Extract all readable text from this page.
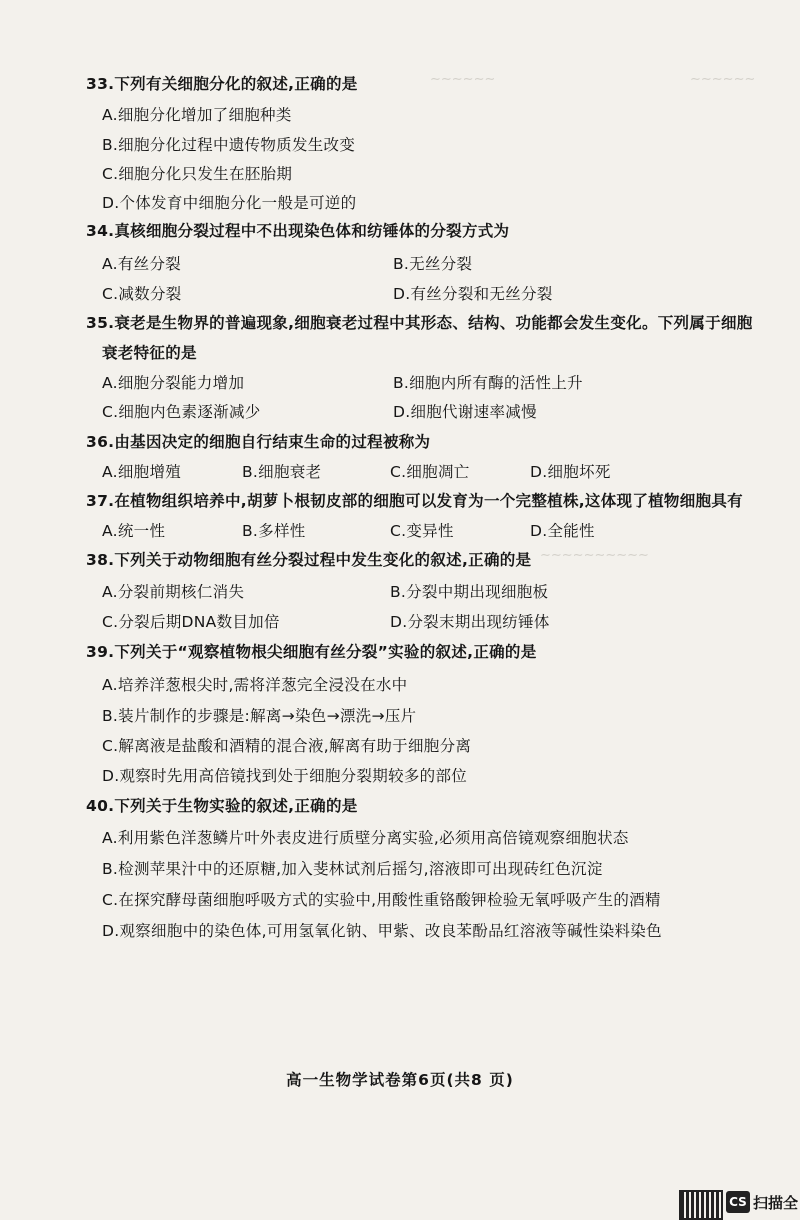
∼∼∼∼∼∼	∼∼∼∼∼∼
∼∼∼∼∼∼∼∼∼∼
33.下列有关细胞分化的叙述,正确的是
A.细胞分化增加了细胞种类
B.细胞分化过程中遗传物质发生改变
C.细胞分化只发生在胚胎期
D.个体发育中细胞分化一般是可逆的
34.真核细胞分裂过程中不出现染色体和纺锤体的分裂方式为
A.有丝分裂	B.无丝分裂
C.减数分裂	D.有丝分裂和无丝分裂
35.衰老是生物界的普遍现象,细胞衰老过程中其形态、结构、功能都会发生变化。下列属于细胞
衰老特征的是
A.细胞分裂能力增加	B.细胞内所有酶的活性上升
C.细胞内色素逐渐减少	D.细胞代谢速率减慢
36.由基因决定的细胞自行结束生命的过程被称为
A.细胞增殖	B.细胞衰老	C.细胞凋亡	D.细胞坏死
37.在植物组织培养中,胡萝卜根韧皮部的细胞可以发育为一个完整植株,这体现了植物细胞具有
A.统一性	B.多样性	C.变异性	D.全能性
38.下列关于动物细胞有丝分裂过程中发生变化的叙述,正确的是
A.分裂前期核仁消失	B.分裂中期出现细胞板
C.分裂后期DNA数目加倍	D.分裂末期出现纺锤体
39.下列关于“观察植物根尖细胞有丝分裂”实验的叙述,正确的是
A.培养洋葱根尖时,需将洋葱完全浸没在水中
B.装片制作的步骤是:解离→染色→漂洗→压片
C.解离液是盐酸和酒精的混合液,解离有助于细胞分离
D.观察时先用高倍镜找到处于细胞分裂期较多的部位
40.下列关于生物实验的叙述,正确的是
A.利用紫色洋葱鳞片叶外表皮进行质壁分离实验,必须用高倍镜观察细胞状态
B.检测苹果汁中的还原糖,加入斐林试剂后摇匀,溶液即可出现砖红色沉淀
C.在探究酵母菌细胞呼吸方式的实验中,用酸性重铬酸钾检验无氧呼吸产生的酒精
D.观察细胞中的染色体,可用氢氧化钠、甲紫、改良苯酚品红溶液等碱性染料染色
高一生物学试卷第6页(共8 页)
CS 扫描全
